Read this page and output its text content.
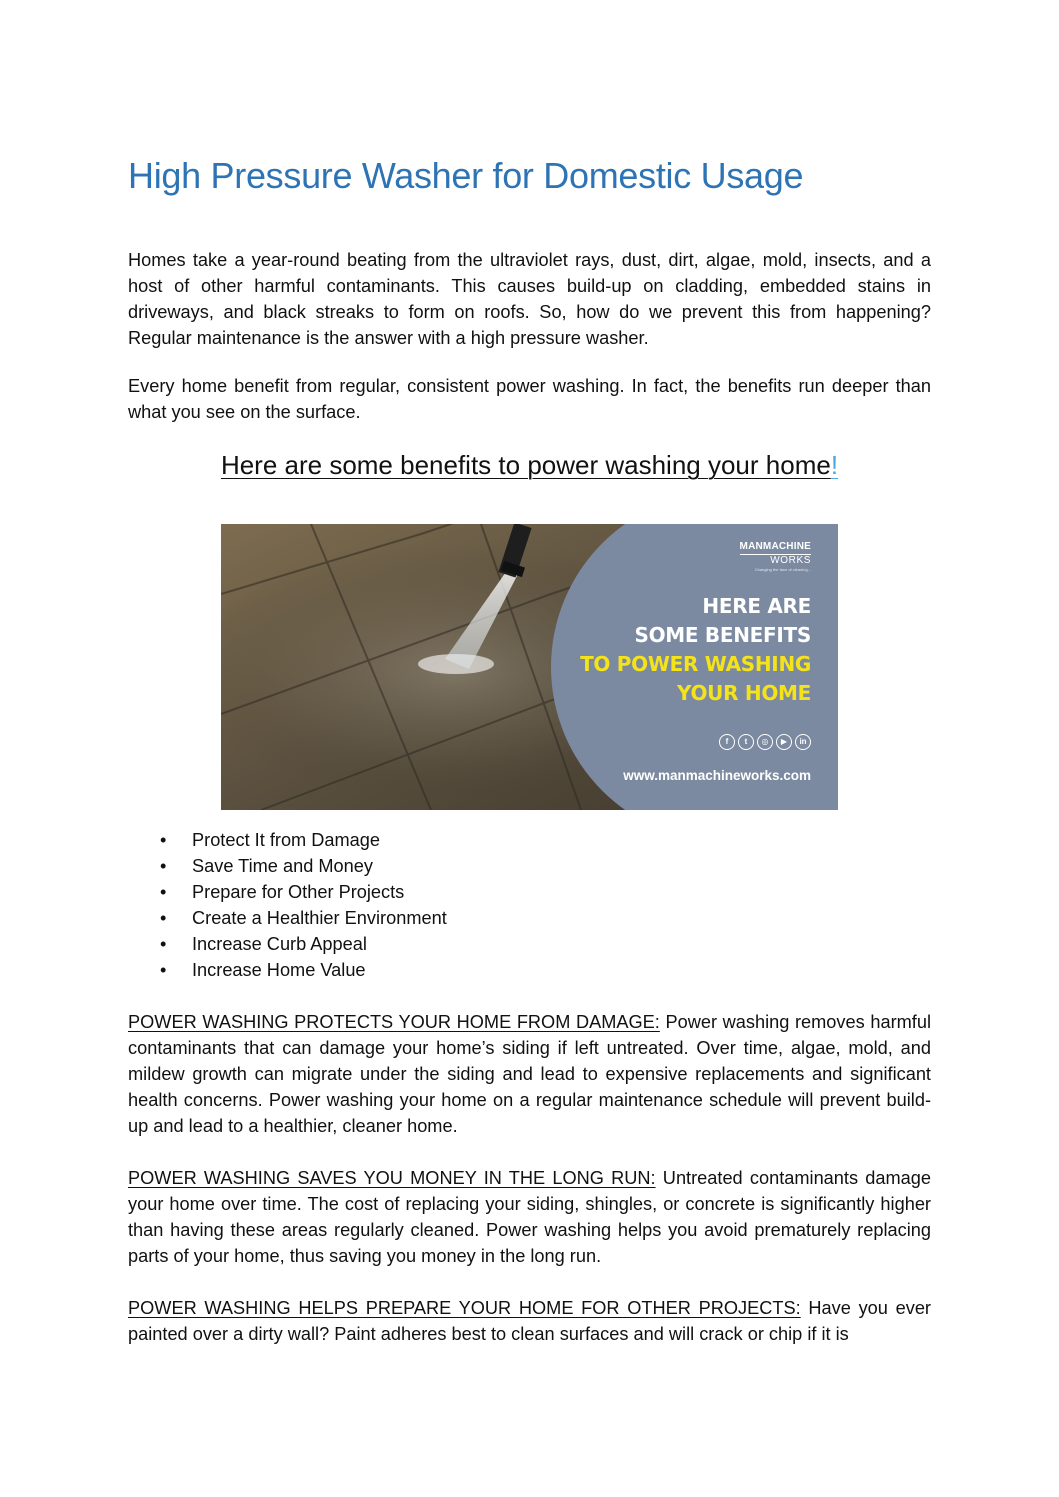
High Pressure Washer for Domestic Usage

Homes take a year-round beating from the ultraviolet rays, dust, dirt, algae, mold, insects, and a host of other harmful contaminants. This causes build-up on cladding, embedded stains in driveways, and black streaks to form on roofs. So, how do we prevent this from happening? Regular maintenance is the answer with a high pressure washer.

Every home benefit from regular, consistent power washing. In fact, the benefits run deeper than what you see on the surface.

Here are some benefits to power washing your home!
MANMACHINE
WORKS
Changing the face of cleaning...
HERE ARE
SOME BENEFITS
TO POWER WASHING
YOUR HOME
f	t	◎	▶	in
www.manmachineworks.com
• Protect It from Damage
• Save Time and Money
• Prepare for Other Projects
• Create a Healthier Environment
• Increase Curb Appeal
• Increase Home Value

POWER WASHING PROTECTS YOUR HOME FROM DAMAGE: Power washing removes harmful contaminants that can damage your home’s siding if left untreated. Over time, algae, mold, and mildew growth can migrate under the siding and lead to expensive replacements and significant health concerns. Power washing your home on a regular maintenance schedule will prevent build-up and lead to a healthier, cleaner home.

POWER WASHING SAVES YOU MONEY IN THE LONG RUN: Untreated contaminants damage your home over time. The cost of replacing your siding, shingles, or concrete is significantly higher than having these areas regularly cleaned. Power washing helps you avoid prematurely replacing parts of your home, thus saving you money in the long run.

POWER WASHING HELPS PREPARE YOUR HOME FOR OTHER PROJECTS: Have you ever painted over a dirty wall? Paint adheres best to clean surfaces and will crack or chip if it is
